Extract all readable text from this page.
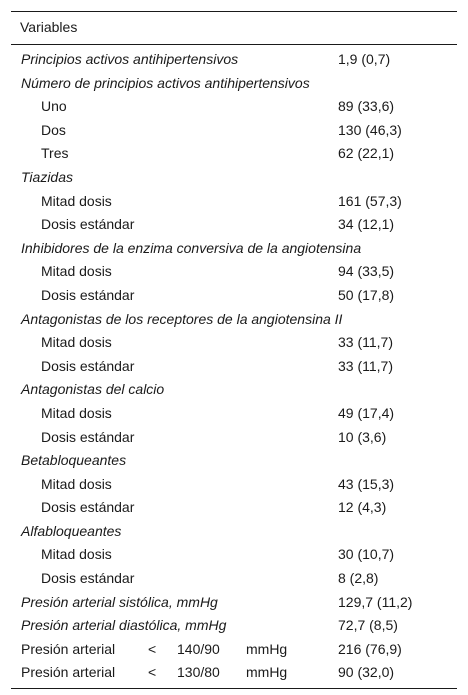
Variables
Principios activos antihipertensivos	1,9 (0,7)
Número de principios activos antihipertensivos
Uno	89 (33,6)
Dos	130 (46,3)
Tres	62 (22,1)
Tiazidas
Mitad dosis	161 (57,3)
Dosis estándar	34 (12,1)
Inhibidores de la enzima conversiva de la angiotensina
Mitad dosis	94 (33,5)
Dosis estándar	50 (17,8)
Antagonistas de los receptores de la angiotensina II
Mitad dosis	33 (11,7)
Dosis estándar	33 (11,7)
Antagonistas del calcio
Mitad dosis	49 (17,4)
Dosis estándar	10 (3,6)
Betabloqueantes
Mitad dosis	43 (15,3)
Dosis estándar	12 (4,3)
Alfabloqueantes
Mitad dosis	30 (10,7)
Dosis estándar	8 (2,8)
Presión arterial sistólica, mmHg	129,7 (11,2)
Presión arterial diastólica, mmHg	72,7 (8,5)
Presión arterial < 140/90 mmHg	216 (76,9)
Presión arterial < 130/80 mmHg	90 (32,0)
